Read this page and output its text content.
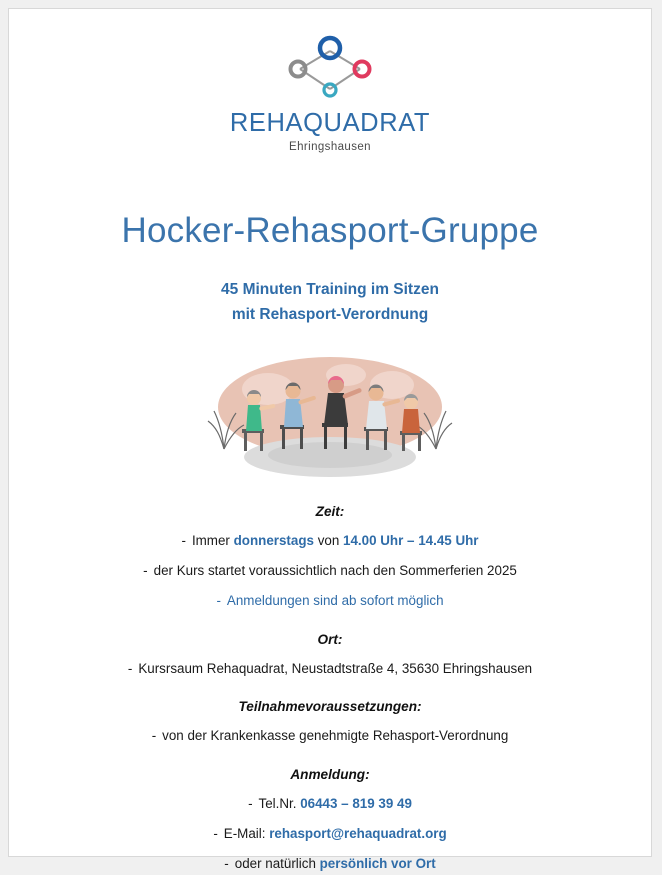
REHAQUADRAT
Ehringshausen
Hocker-Rehasport-Gruppe
45 Minuten Training im Sitzen
mit Rehasport-Verordnung
Zeit:
- Immer donnerstags von 14.00 Uhr – 14.45 Uhr
- der Kurs startet voraussichtlich nach den Sommerferien 2025
- Anmeldungen sind ab sofort möglich
Ort:
- Kursrsaum Rehaquadrat, Neustadtstraße 4, 35630 Ehringshausen
Teilnahmevoraussetzungen:
- von der Krankenkasse genehmigte Rehasport-Verordnung
Anmeldung:
- Tel.Nr. 06443 – 819 39 49
- E-Mail: rehasport@rehaquadrat.org
- oder natürlich persönlich vor Ort
